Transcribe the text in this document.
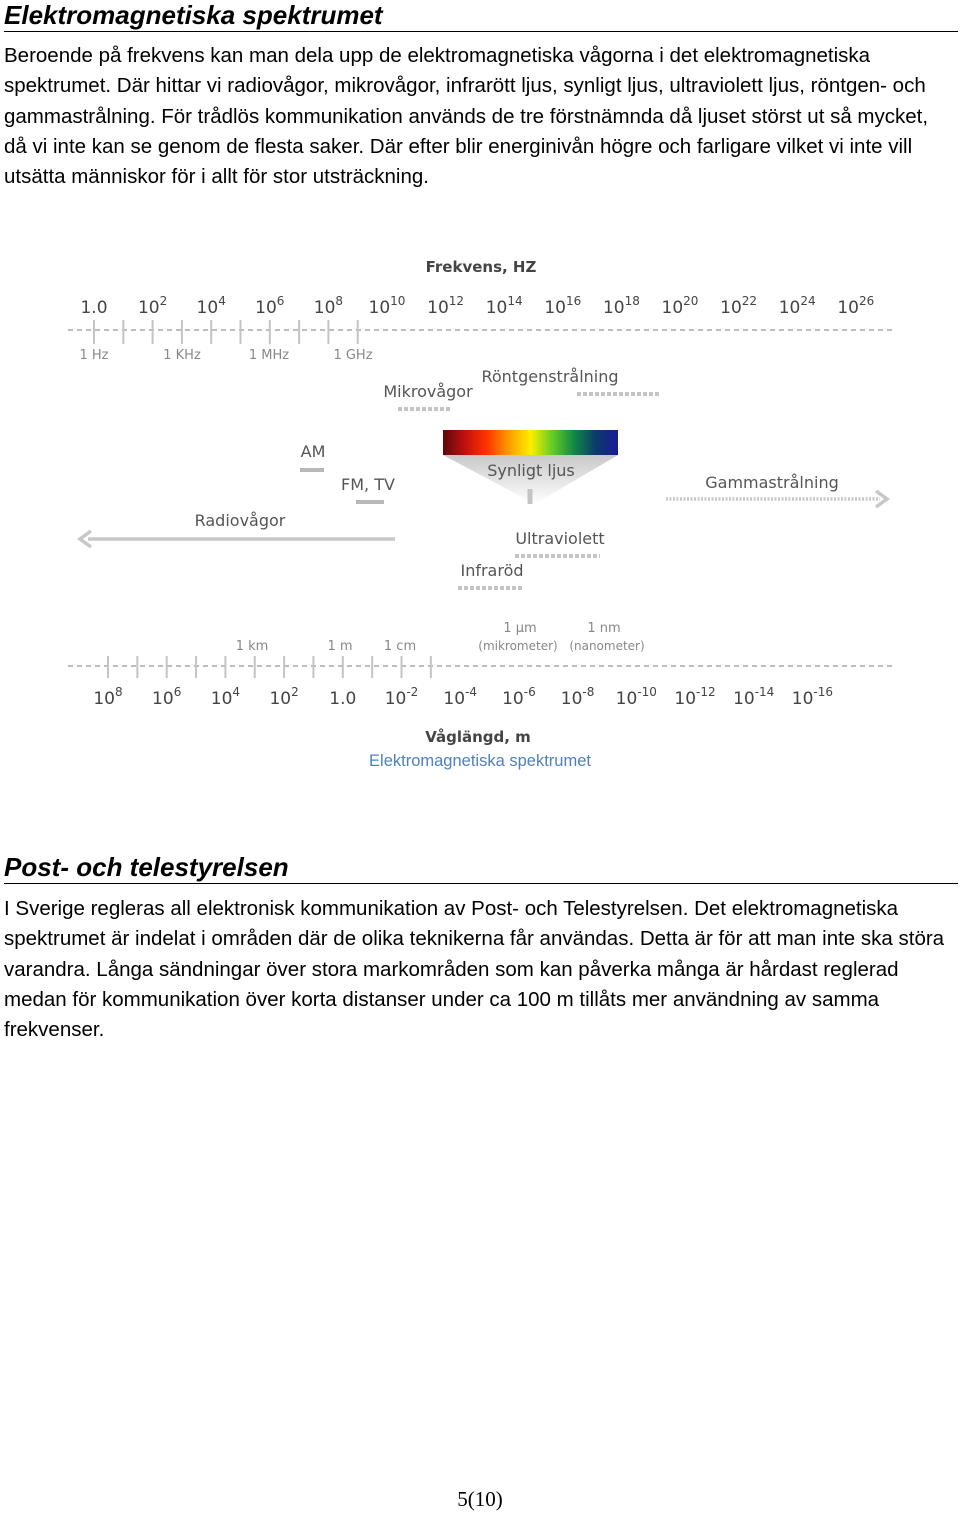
Elektromagnetiska spektrumet

Beroende på frekvens kan man dela upp de elektromagnetiska vågorna i det elektromagnetiska spektrumet. Där hittar vi radiovågor, mikrovågor, infrarött ljus, synligt ljus, ultraviolett ljus, röntgen- och gammastrålning. För trådlös kommunikation används de tre förstnämnda då ljuset störst ut så mycket, då vi inte kan se genom de flesta saker. Där efter blir energinivån högre och farligare vilket vi inte vill utsätta människor för i allt för stor utsträckning.

Frekvens, HZ
1.0 $10^2$ $10^4$ $10^6$ $10^8$ $10^{10}$ $10^{12}$ $10^{14}$ $10^{16}$ $10^{18}$ $10^{20}$ $10^{22}$ $10^{24}$ $10^{26}$
1 Hz	1 KHz	1 MHz	1 GHz
Röntgenstrålning
Mikrovågor
AM
FM, TV
Synligt ljus
Gammastrålning
Radiovågor
Ultraviolett
Infraröd
1 km	1 m 1 cm
1 µm	1 nm
(mikrometer) (nanometer)
$10^8$ $10^6$ $10^4$ $10^2$ 1.0 $10^{-2}$ $10^{-4}$ $10^{-6}$ $10^{-8}$ $10^{-10}$ $10^{-12}$ $10^{-14}$ $10^{-16}$
Våglängd, m
Elektromagnetiska spektrumet
Post- och telestyrelsen

I Sverige regleras all elektronisk kommunikation av Post- och Telestyrelsen. Det elektromagnetiska spektrumet är indelat i områden där de olika teknikerna får användas. Detta är för att man inte ska störa varandra. Långa sändningar över stora markområden som kan påverka många är hårdast reglerad medan för kommunikation över korta distanser under ca 100 m tillåts mer användning av samma frekvenser.

5(10)
